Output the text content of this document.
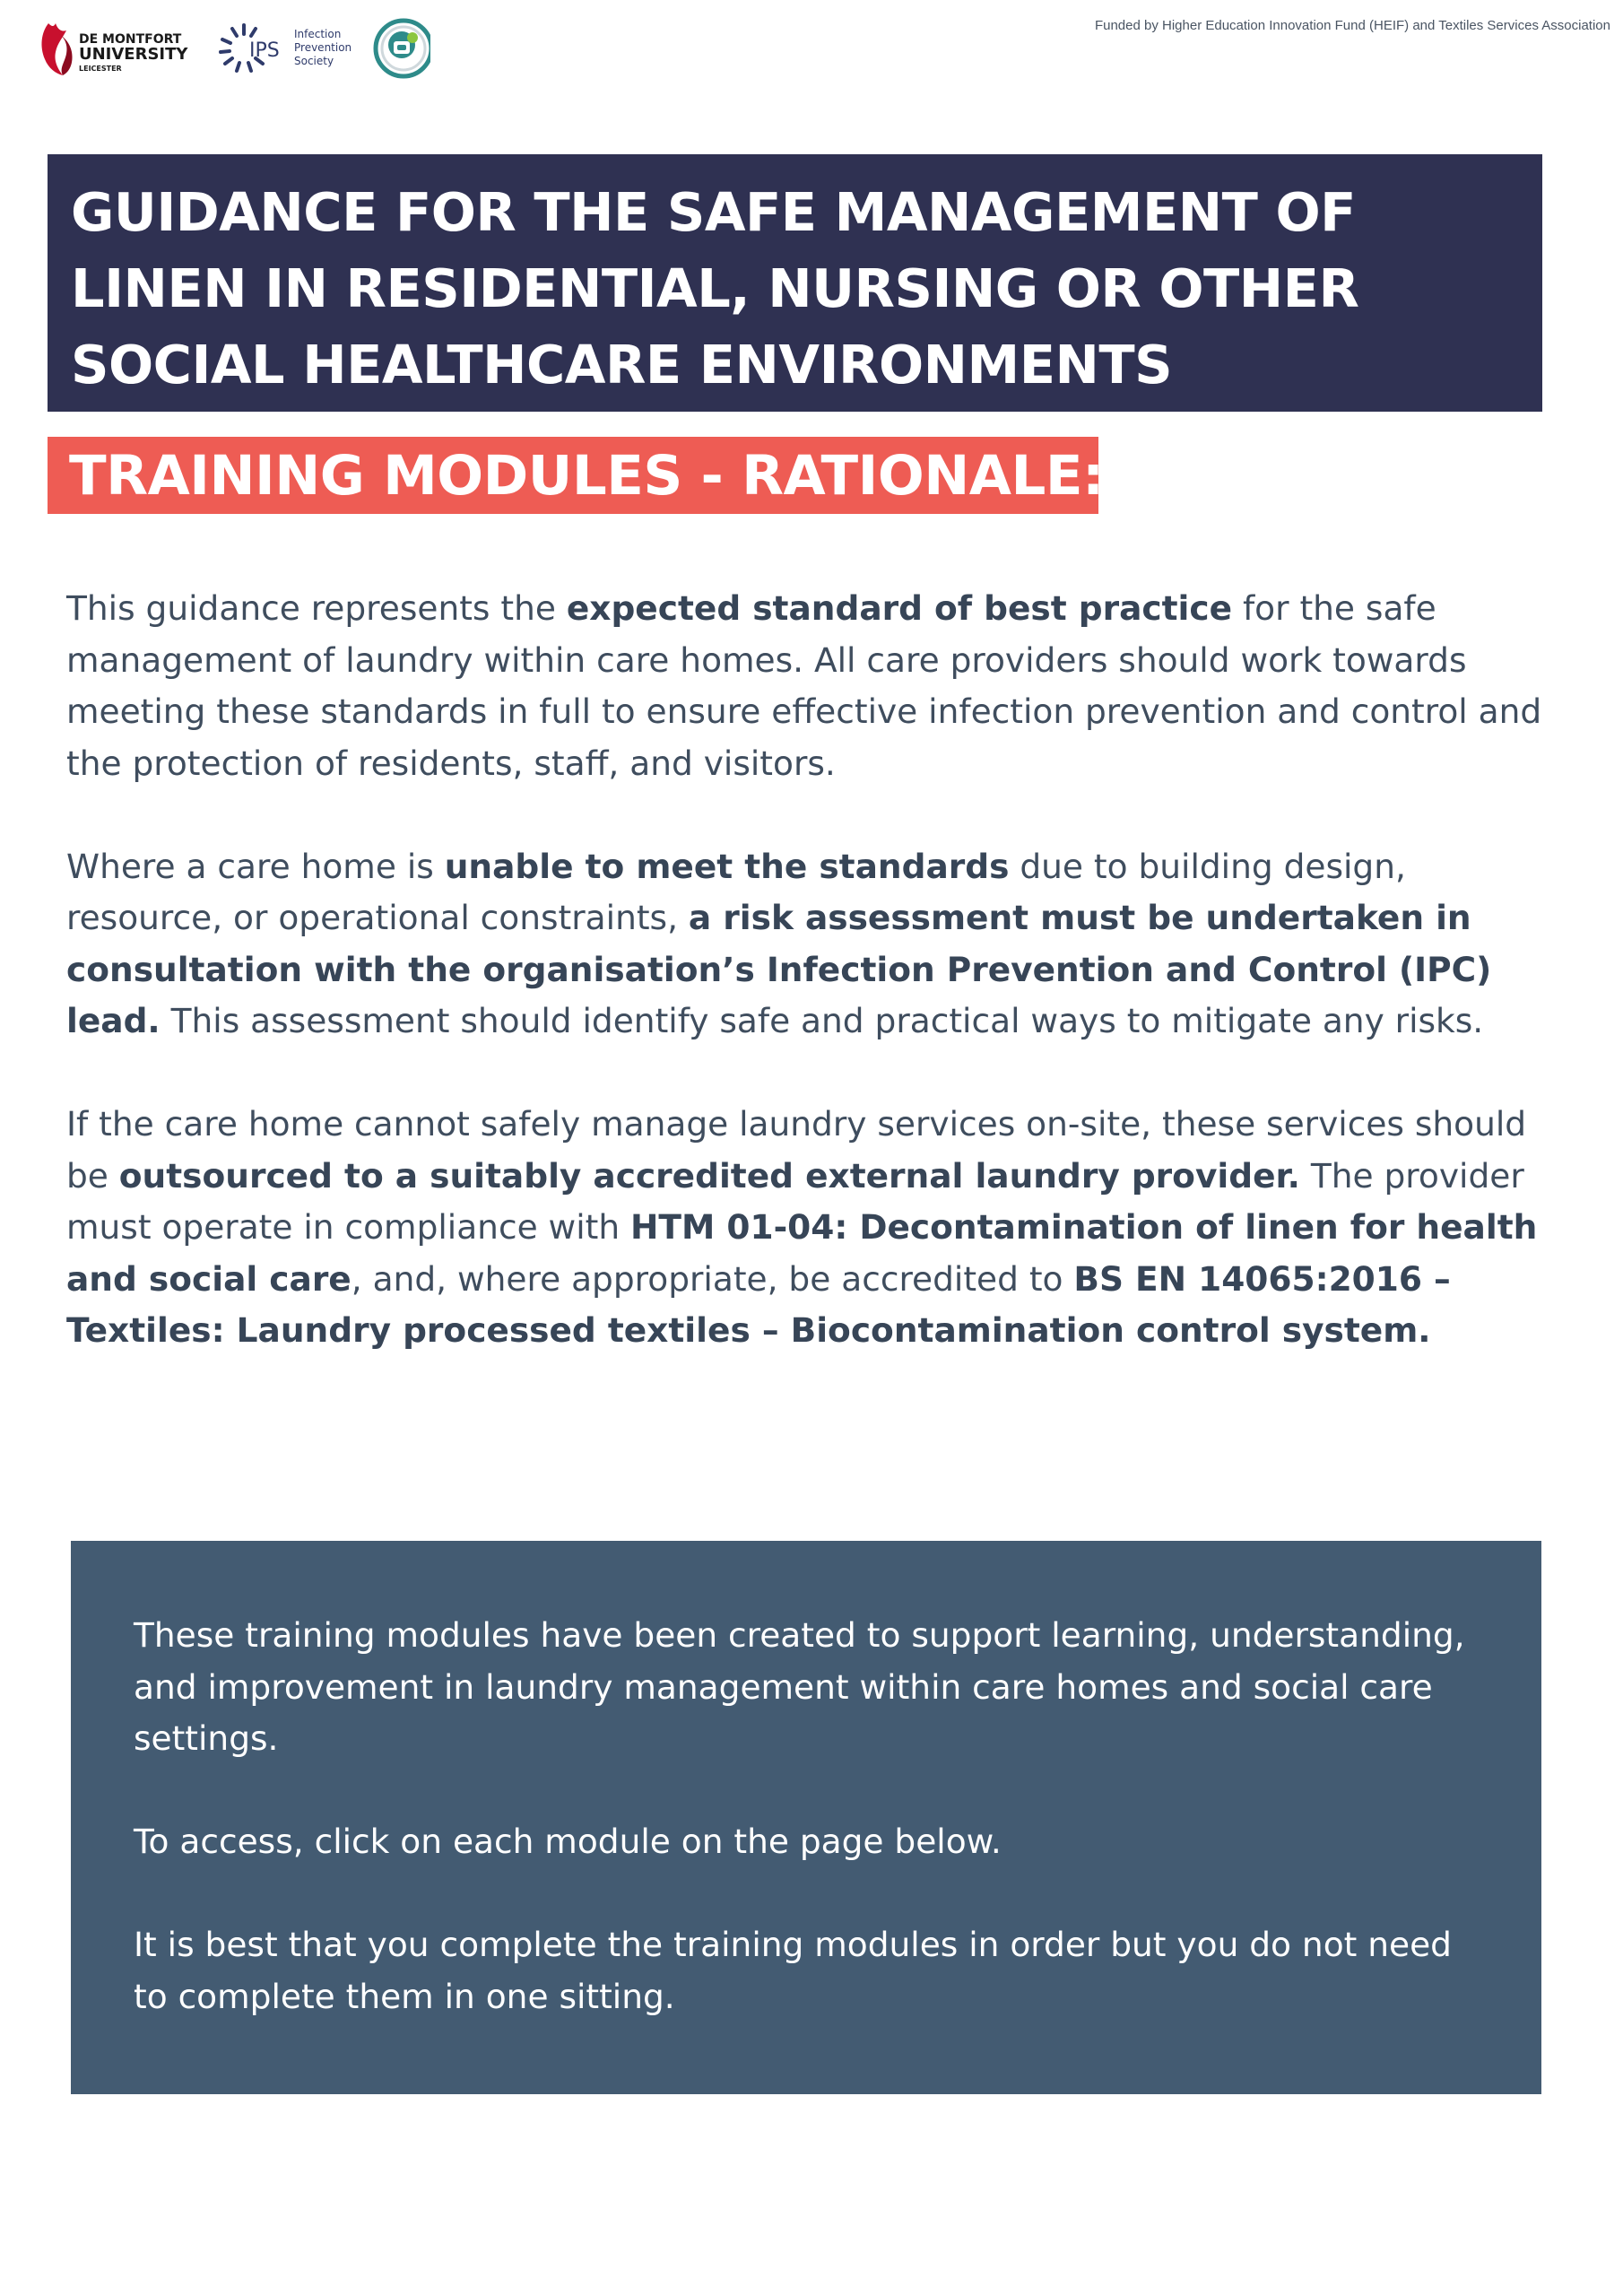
DE MONTFORT
UNIVERSITY
LEICESTER
IPS
Infection
Prevention
Society
Funded by Higher Education Innovation Fund (HEIF) and Textiles Services Association
GUIDANCE FOR THE SAFE MANAGEMENT OF LINEN IN RESIDENTIAL, NURSING OR OTHER SOCIAL HEALTHCARE ENVIRONMENTS
TRAINING MODULES - RATIONALE:

This guidance represents the expected standard of best practice for the safe management of laundry within care homes. All care providers should work towards meeting these standards in full to ensure effective infection prevention and control and the protection of residents, staff, and visitors.

Where a care home is unable to meet the standards due to building design, resource, or operational constraints, a risk assessment must be undertaken in consultation with the organisation’s Infection Prevention and Control (IPC) lead. This assessment should identify safe and practical ways to mitigate any risks.

If the care home cannot safely manage laundry services on-site, these services should be outsourced to a suitably accredited external laundry provider. The provider must operate in compliance with HTM 01-04: Decontamination of linen for health and social care, and, where appropriate, be accredited to BS EN 14065:2016 – Textiles: Laundry processed textiles – Biocontamination control system.

These training modules have been created to support learning, understanding, and improvement in laundry management within care homes and social care settings.

To access, click on each module on the page below.

It is best that you complete the training modules in order but you do not need to complete them in one sitting.
